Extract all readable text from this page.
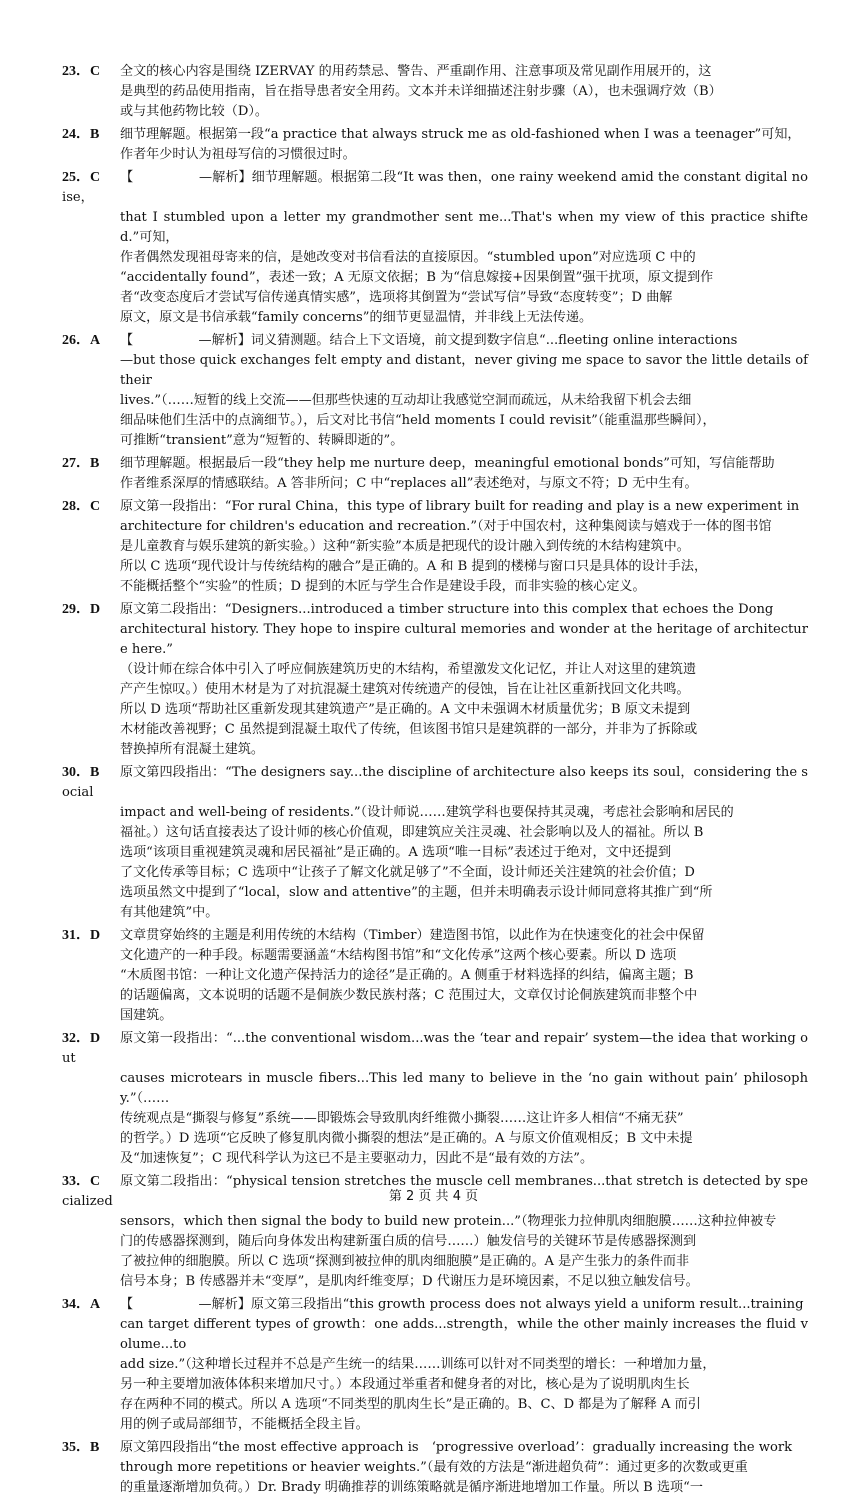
23．C 全文的核心内容是围绕 IZERVAY 的用药禁忌、警告、严重副作用、注意事项及常见副作用展开的，这
是典型的药品使用指南，旨在指导患者安全用药。文本并未详细描述注射步骤（A），也未强调疗效（B）
或与其他药物比较（D）。
24．B 细节理解题。根据第一段“a practice that always struck me as old-fashioned when I was a teenager”可知，
作者年少时认为祖母写信的习惯很过时。
25．C 【　　　　　—解析】细节理解题。根据第二段“It was then，one rainy weekend amid the constant digital noise，
that I stumbled upon a letter my grandmother sent me...That's when my view of this practice shifted.”可知，
作者偶然发现祖母寄来的信，是她改变对书信看法的直接原因。“stumbled upon”对应选项 C 中的
“accidentally found”，表述一致；A 无原文依据；B 为“信息嫁接+因果倒置”强干扰项，原文提到作
者“改变态度后才尝试写信传递真情实感”，选项将其倒置为“尝试写信”导致“态度转变”；D 曲解
原文，原文是书信承载“family concerns”的细节更显温情，并非线上无法传递。
26．A 【　　　　　—解析】词义猜测题。结合上下文语境，前文提到数字信息“...fleeting online interactions
—but those quick exchanges felt empty and distant，never giving me space to savor the little details of their
lives.”（……短暂的线上交流——但那些快速的互动却让我感觉空洞而疏远，从未给我留下机会去细
细品味他们生活中的点滴细节。），后文对比书信“held moments I could revisit”（能重温那些瞬间），
可推断“transient”意为“短暂的、转瞬即逝的”。
27．B 细节理解题。根据最后一段“they help me nurture deep，meaningful emotional bonds”可知，写信能帮助
作者维系深厚的情感联结。A 答非所问；C 中“replaces all”表述绝对，与原文不符；D 无中生有。
28．C 原文第一段指出：“For rural China，this type of library built for reading and play is a new experiment in
architecture for children's education and recreation.”（对于中国农村，这种集阅读与嬉戏于一体的图书馆
是儿童教育与娱乐建筑的新实验。）这种“新实验”本质是把现代的设计融入到传统的木结构建筑中。
所以 C 选项“现代设计与传统结构的融合”是正确的。A 和 B 提到的楼梯与窗口只是具体的设计手法，
不能概括整个“实验”的性质；D 提到的木匠与学生合作是建设手段，而非实验的核心定义。
29．D 原文第二段指出：“Designers...introduced a timber structure into this complex that echoes the Dong
architectural history. They hope to inspire cultural memories and wonder at the heritage of architecture here.”
（设计师在综合体中引入了呼应侗族建筑历史的木结构，希望激发文化记忆，并让人对这里的建筑遗
产产生惊叹。）使用木材是为了对抗混凝土建筑对传统遗产的侵蚀，旨在让社区重新找回文化共鸣。
所以 D 选项“帮助社区重新发现其建筑遗产”是正确的。A 文中未强调木材质量优劣；B 原文未提到
木材能改善视野；C 虽然提到混凝土取代了传统，但该图书馆只是建筑群的一部分，并非为了拆除或
替换掉所有混凝土建筑。
30．B 原文第四段指出：“The designers say...the discipline of architecture also keeps its soul，considering the social
impact and well-being of residents.”（设计师说……建筑学科也要保持其灵魂，考虑社会影响和居民的
福祉。）这句话直接表达了设计师的核心价值观，即建筑应关注灵魂、社会影响以及人的福祉。所以 B
选项“该项目重视建筑灵魂和居民福祉”是正确的。A 选项“唯一目标”表述过于绝对，文中还提到
了文化传承等目标；C 选项中“让孩子了解文化就足够了”不全面，设计师还关注建筑的社会价值；D
选项虽然文中提到了“local，slow and attentive”的主题，但并未明确表示设计师同意将其推广到“所
有其他建筑”中。
31．D 文章贯穿始终的主题是利用传统的木结构（Timber）建造图书馆，以此作为在快速变化的社会中保留
文化遗产的一种手段。标题需要涵盖“木结构图书馆”和“文化传承”这两个核心要素。所以 D 选项
“木质图书馆：一种让文化遗产保持活力的途径”是正确的。A 侧重于材料选择的纠结，偏离主题；B
的话题偏离，文本说明的话题不是侗族少数民族村落；C 范围过大，文章仅讨论侗族建筑而非整个中
国建筑。
32．D 原文第一段指出：“...the conventional wisdom...was the ‘tear and repair’ system—the idea that working out
causes microtears in muscle fibers...This led many to believe in the ‘no gain without pain’ philosophy.”（……
传统观点是“撕裂与修复”系统——即锻炼会导致肌肉纤维微小撕裂……这让许多人相信“不痛无获”
的哲学。）D 选项“它反映了修复肌肉微小撕裂的想法”是正确的。A 与原文价值观相反；B 文中未提
及“加速恢复”；C 现代科学认为这已不是主要驱动力，因此不是“最有效的方法”。
33．C 原文第二段指出：“physical tension stretches the muscle cell membranes...that stretch is detected by specialized
sensors，which then signal the body to build new protein...”（物理张力拉伸肌肉细胞膜……这种拉伸被专
门的传感器探测到，随后向身体发出构建新蛋白质的信号……）触发信号的关键环节是传感器探测到
了被拉伸的细胞膜。所以 C 选项“探测到被拉伸的肌肉细胞膜”是正确的。A 是产生张力的条件而非
信号本身；B 传感器并未“变厚”，是肌肉纤维变厚；D 代谢压力是环境因素，不足以独立触发信号。
34．A 【　　　　　—解析】原文第三段指出“this growth process does not always yield a uniform result...training
can target different types of growth：one adds...strength，while the other mainly increases the fluid volume...to
add size.”（这种增长过程并不总是产生统一的结果……训练可以针对不同类型的增长：一种增加力量，
另一种主要增加液体体积来增加尺寸。）本段通过举重者和健身者的对比，核心是为了说明肌肉生长
存在两种不同的模式。所以 A 选项“不同类型的肌肉生长”是正确的。B、C、D 都是为了解释 A 而引
用的例子或局部细节，不能概括全段主旨。
35．B 原文第四段指出“the most effective approach is　‘progressive overload’：gradually increasing the work
through more repetitions or heavier weights.”（最有效的方法是“渐进超负荷”：通过更多的次数或更重
的重量逐渐增加负荷。）Dr. Brady 明确推荐的训练策略就是循序渐进地增加工作量。所以 B 选项“一
第 2 页 共 4 页
